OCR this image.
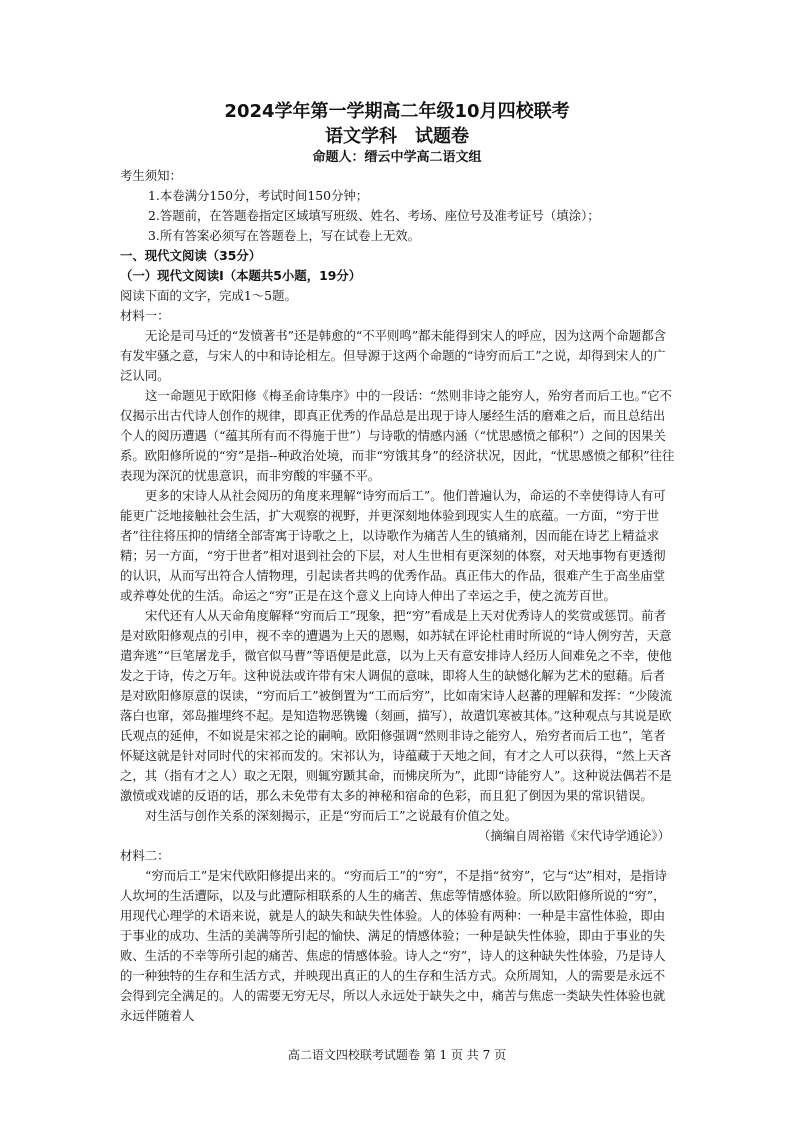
2024学年第一学期高二年级10月四校联考
语文学科　试题卷
命题人：缙云中学高二语文组

考生须知：

1.本卷满分150分，考试时间150分钟；

2.答题前，在答题卷指定区域填写班级、姓名、考场、座位号及准考证号（填涂）；

3.所有答案必须写在答题卷上，写在试卷上无效。

一、现代文阅读（35分）

（一）现代文阅读Ⅰ（本题共5小题，19分）

阅读下面的文字，完成1～5题。

材料一：

无论是司马迁的“发愤著书”还是韩愈的“不平则鸣”都未能得到宋人的呼应，因为这两个命题都含有发牢骚之意，与宋人的中和诗论相左。但导源于这两个命题的“诗穷而后工”之说，却得到宋人的广泛认同。

这一命题见于欧阳修《梅圣俞诗集序》中的一段话：“然则非诗之能穷人，殆穷者而后工也。”它不仅揭示出古代诗人创作的规律，即真正优秀的作品总是出现于诗人屡经生活的磨难之后，而且总结出个人的阅历遭遇（“蕴其所有而不得施于世”）与诗歌的情感内涵（“忧思感愤之郁积”）之间的因果关系。欧阳修所说的“穷”是指--种政治处境，而非“穷饿其身”的经济状况，因此，“忧思感愤之郁积”往往表现为深沉的忧患意识，而非穷酸的牢骚不平。

更多的宋诗人从社会阅历的角度来理解“诗穷而后工”。他们普遍认为，命运的不幸使得诗人有可能更广泛地接触社会生活，扩大观察的视野，并更深刻地体验到现实人生的底蕴。一方面，“穷于世者”往往将压抑的情绪全部寄寓于诗歌之上，以诗歌作为痛苦人生的镇痛剂，因而能在诗艺上精益求精；另一方面，“穷于世者”相对退到社会的下层，对人生世相有更深刻的体察，对天地事物有更透彻的认识，从而写出符合人情物理，引起读者共鸣的优秀作品。真正伟大的作品，很难产生于高坐庙堂或养尊处优的生活。命运之“穷”正是在这个意义上向诗人伸出了幸运之手，使之流芳百世。

宋代还有人从天命角度解释“穷而后工”现象，把“穷”看成是上天对优秀诗人的奖赏或惩罚。前者是对欧阳修观点的引申，视不幸的遭遇为上天的恩赐，如苏轼在评论杜甫时所说的“诗人例穷苦，天意遣奔逃”“巨笔屠龙手，微官似马曹”等语便是此意，以为上天有意安排诗人经历人间难免之不幸，使他发之于诗，传之万年。这种说法或许带有宋人调侃的意味，即将人生的缺憾化解为艺术的慰藉。后者是对欧阳修原意的误读，“穷而后工”被倒置为“工而后穷”，比如南宋诗人赵蕃的理解和发挥：“少陵流落白也窜，郊岛摧埋终不起。是知造物恶镌镵（刻画，描写），故遣饥寒被其体。”这种观点与其说是欧氏观点的延伸，不如说是宋祁之论的嗣响。欧阳修强调“然则非诗之能穷人，殆穷者而后工也”，笔者怀疑这就是针对同时代的宋祁而发的。宋祁认为，诗蕴藏于天地之间，有才之人可以获得，“然上天吝之，其（指有才之人）取之无限，则辄穷踬其命，而怫戾所为”，此即“诗能穷人”。这种说法偶若不是激愤或戏谑的反语的话，那么未免带有太多的神秘和宿命的色彩，而且犯了倒因为果的常识错误。

对生活与创作关系的深刻揭示，正是“穷而后工”之说最有价值之处。

（摘编自周裕锴《宋代诗学通论》）

材料二：

“穷而后工”是宋代欧阳修提出来的。“穷而后工”的“穷”，不是指“贫穷”，它与“达”相对，是指诗人坎坷的生活遭际，以及与此遭际相联系的人生的痛苦、焦虑等情感体验。所以欧阳修所说的“穷”，用现代心理学的术语来说，就是人的缺失和缺失性体验。人的体验有两种：一种是丰富性体验，即由于事业的成功、生活的美满等所引起的愉快、满足的情感体验；一种是缺失性体验，即由于事业的失败、生活的不幸等所引起的痛苦、焦虑的情感体验。诗人之“穷”，诗人的这种缺失性体验，乃是诗人的一种独特的生存和生活方式，并映现出真正的人的生存和生活方式。众所周知，人的需要是永远不会得到完全满足的。人的需要无穷无尽，所以人永远处于缺失之中，痛苦与焦虑一类缺失性体验也就永远伴随着人

高二语文四校联考试题卷 第 1 页 共 7 页
